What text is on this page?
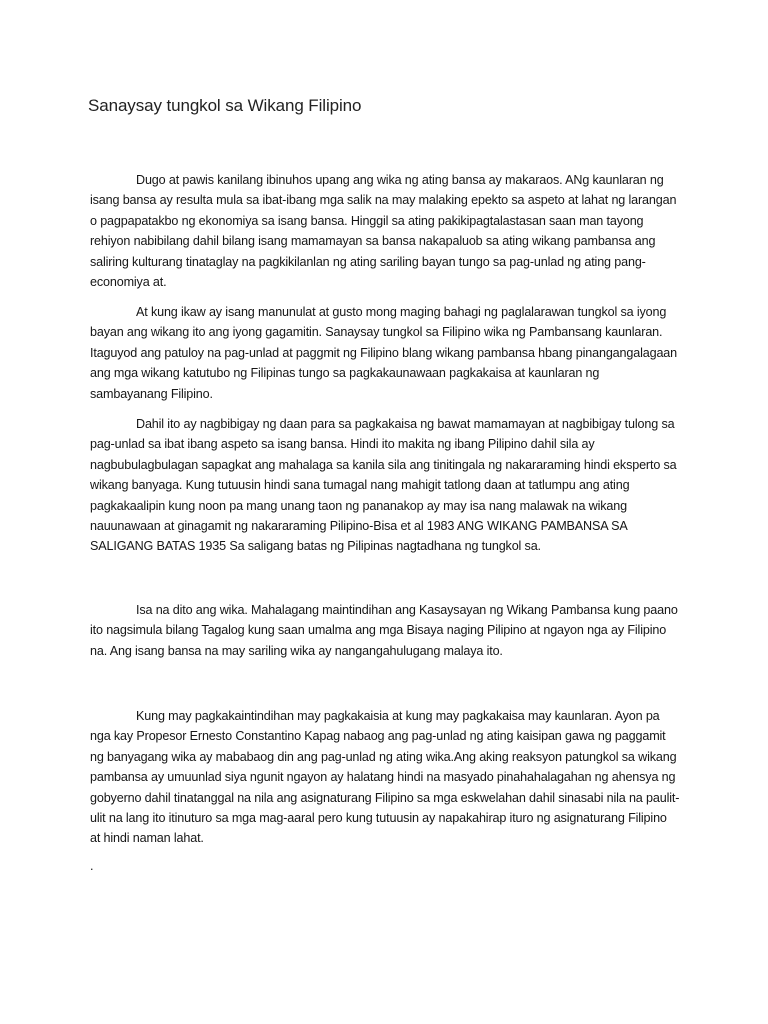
Sanaysay tungkol sa Wikang Filipino

Dugo at pawis kanilang ibinuhos upang ang wika ng ating bansa ay makaraos. ANg kaunlaran ng isang bansa ay resulta mula sa ibat-ibang mga salik na may malaking epekto sa aspeto at lahat ng larangan o pagpapatakbo ng ekonomiya sa isang bansa. Hinggil sa ating pakikipagtalastasan saan man tayong rehiyon nabibilang dahil bilang isang mamamayan sa bansa nakapaluob sa ating wikang pambansa ang saliring kulturang tinataglay na pagkikilanlan ng ating sariling bayan tungo sa pag-unlad ng ating pang-economiya at.

At kung ikaw ay isang manunulat at gusto mong maging bahagi ng paglalarawan tungkol sa iyong bayan ang wikang ito ang iyong gagamitin. Sanaysay tungkol sa Filipino wika ng Pambansang kaunlaran. Itaguyod ang patuloy na pag-unlad at paggmit ng Filipino blang wikang pambansa hbang pinangangalagaan ang mga wikang katutubo ng Filipinas tungo sa pagkakaunawaan pagkakaisa at kaunlaran ng sambayanang Filipino.

Dahil ito ay nagbibigay ng daan para sa pagkakaisa ng bawat mamamayan at nagbibigay tulong sa pag-unlad sa ibat ibang aspeto sa isang bansa. Hindi ito makita ng ibang Pilipino dahil sila ay nagbubulagbulagan sapagkat ang mahalaga sa kanila sila ang tinitingala ng nakararaming hindi eksperto sa wikang banyaga. Kung tutuusin hindi sana tumagal nang mahigit tatlong daan at tatlumpu ang ating pagkakaalipin kung noon pa mang unang taon ng pananakop ay may isa nang malawak na wikang nauunawaan at ginagamit ng nakararaming Pilipino-Bisa et al 1983 ANG WIKANG PAMBANSA SA SALIGANG BATAS 1935 Sa saligang batas ng Pilipinas nagtadhana ng tungkol sa.

Isa na dito ang wika. Mahalagang maintindihan ang Kasaysayan ng Wikang Pambansa kung paano ito nagsimula bilang Tagalog kung saan umalma ang mga Bisaya naging Pilipino at ngayon nga ay Filipino na. Ang isang bansa na may sariling wika ay nangangahulugang malaya ito.

Kung may pagkakaintindihan may pagkakaisia at kung may pagkakaisa may kaunlaran. Ayon pa nga kay Propesor Ernesto Constantino Kapag nabaog ang pag-unlad ng ating kaisipan gawa ng paggamit ng banyagang wika ay mababaog din ang pag-unlad ng ating wika.Ang aking reaksyon patungkol sa wikang pambansa ay umuunlad siya ngunit ngayon ay halatang hindi na masyado pinahahalagahan ng ahensya ng gobyerno dahil tinatanggal na nila ang asignaturang Filipino sa mga eskwelahan dahil sinasabi nila na paulit-ulit na lang ito itinuturo sa mga mag-aaral pero kung tutuusin ay napakahirap ituro ng asignaturang Filipino at hindi naman lahat.

.
